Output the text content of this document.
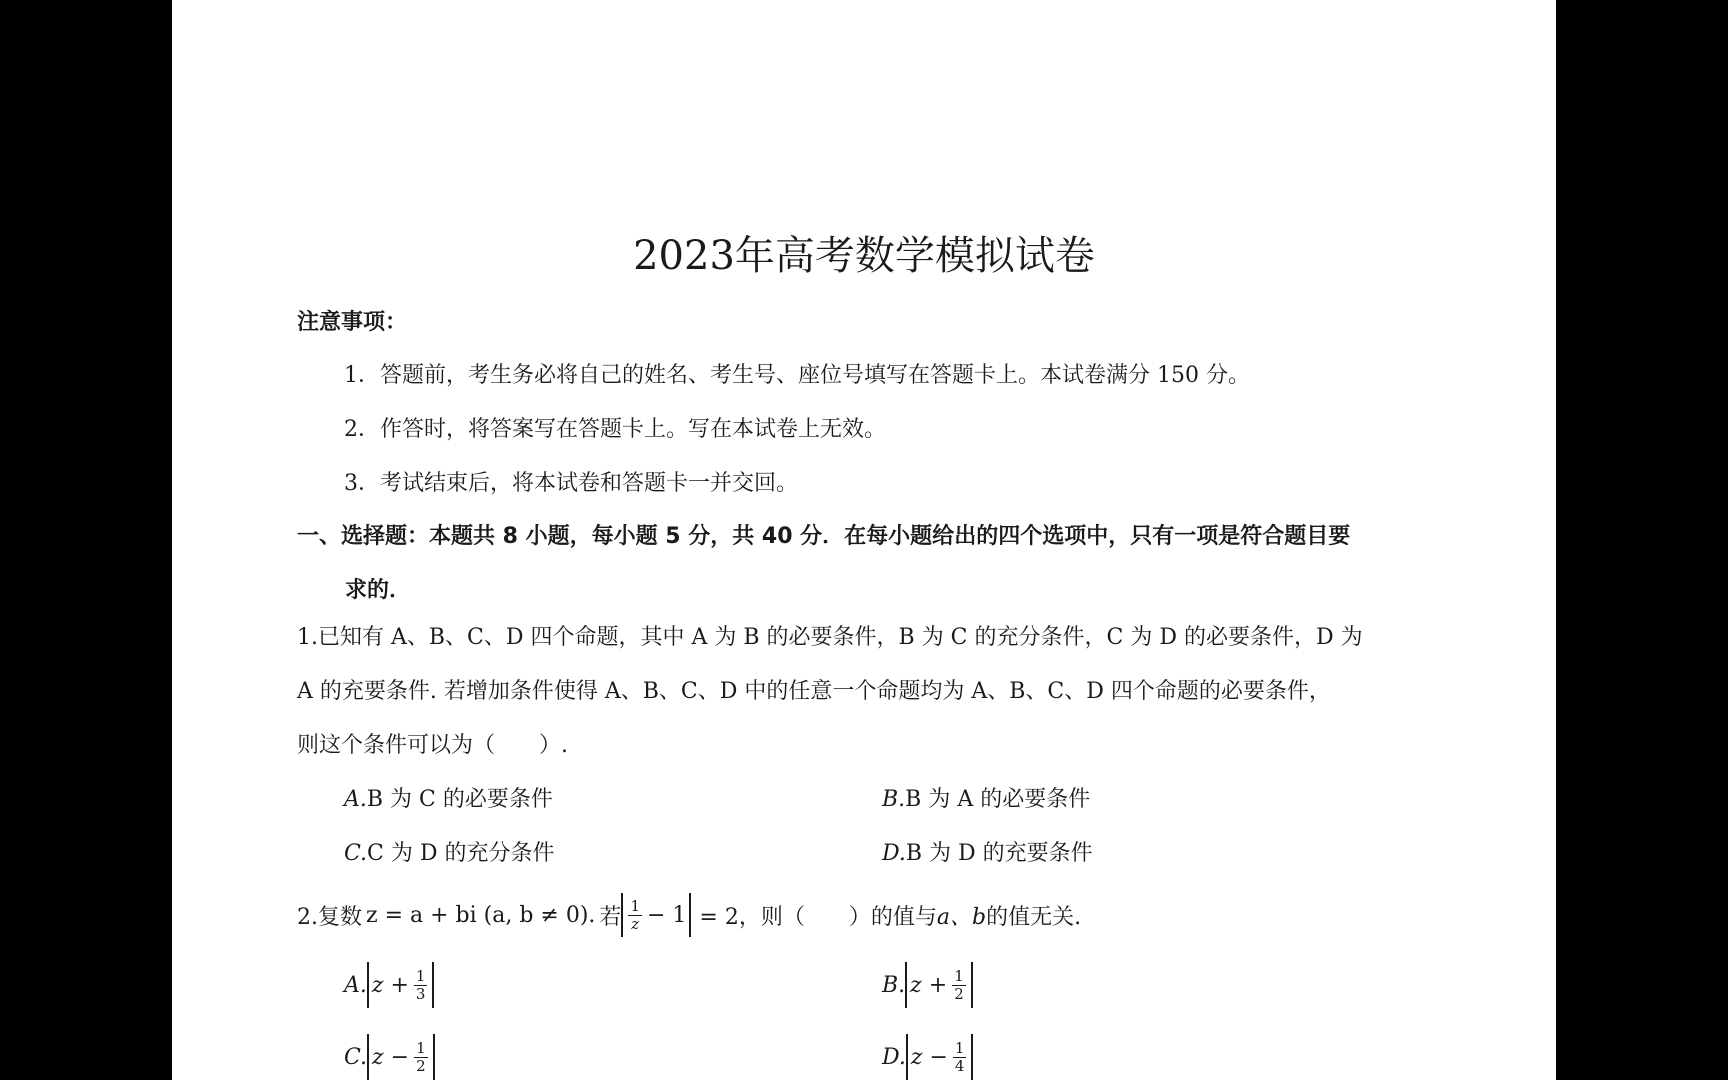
2023年高考数学模拟试卷
注意事项：
1．答题前，考生务必将自己的姓名、考生号、座位号填写在答题卡上。本试卷满分 150 分。
2．作答时，将答案写在答题卡上。写在本试卷上无效。
3．考试结束后，将本试卷和答题卡一并交回。
一、选择题：本题共 8 小题，每小题 5 分，共 40 分．在每小题给出的四个选项中，只有一项是符合题目要
求的．
1.已知有 A、B、C、D 四个命题，其中 A 为 B 的必要条件，B 为 C 的充分条件，C 为 D 的必要条件，D 为
A 的充要条件. 若增加条件使得 A、B、C、D 中的任意一个命题均为 A、B、C、D 四个命题的必要条件，
则这个条件可以为（　　）.
A.B 为 C 的必要条件	B.B 为 A 的必要条件
C.C 为 D 的充分条件	D.B 为 D 的充要条件
2.复数 z = a + bi (a, b ≠ 0). 若 $\frac{1}{z} - 1 = 2$， 则（　　）的值与 a、b 的值无关.
A. $z + \frac{1}{3}$	B. $z + \frac{1}{2}$
C. $z - \frac{1}{2}$	D. $z - \frac{1}{4}$
